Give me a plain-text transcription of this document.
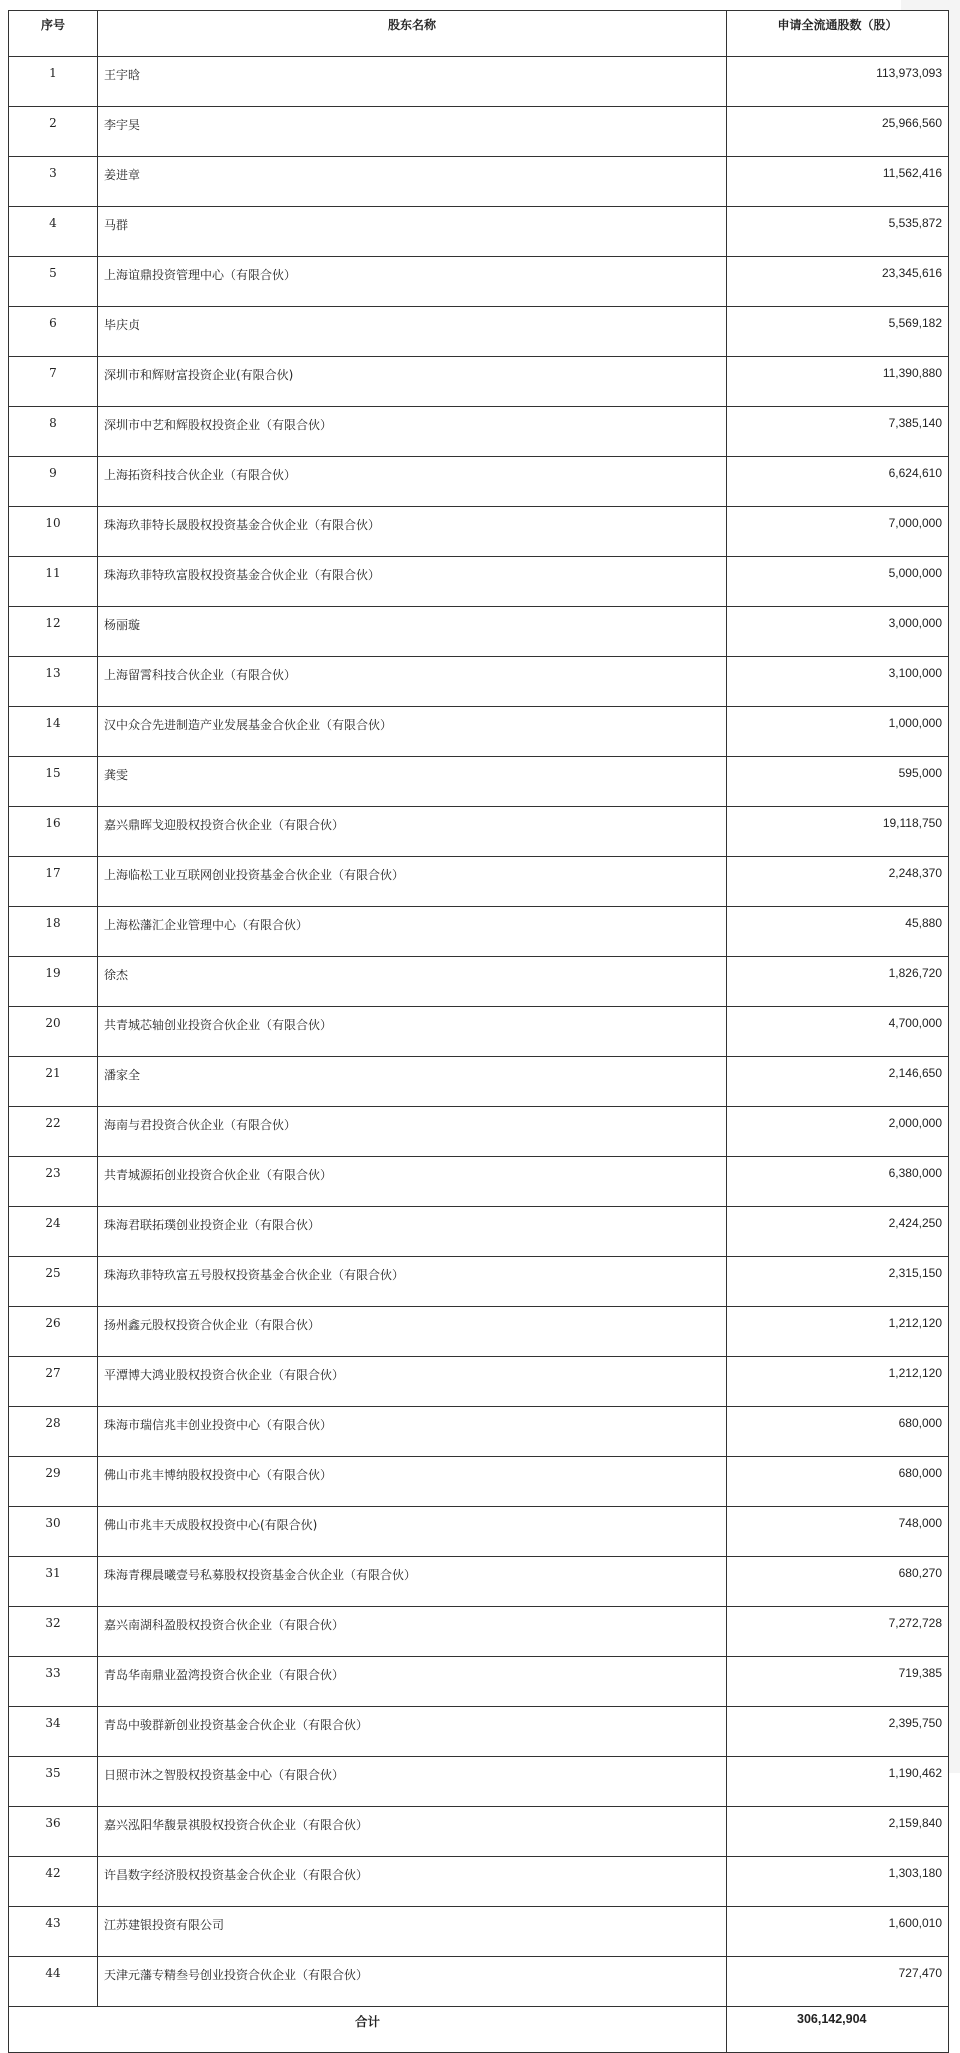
序号	股东名称	申请全流通股数（股）
1	王宇晗	113,973,093
2	李宇昊	25,966,560
3	姜进章	11,562,416
4	马群	5,535,872
5	上海谊鼎投资管理中心（有限合伙）	23,345,616
6	毕庆贞	5,569,182
7	深圳市和辉财富投资企业(有限合伙)	11,390,880
8	深圳市中艺和辉股权投资企业（有限合伙）	7,385,140
9	上海拓资科技合伙企业（有限合伙）	6,624,610
10	珠海玖菲特长晟股权投资基金合伙企业（有限合伙）	7,000,000
11	珠海玖菲特玖富股权投资基金合伙企业（有限合伙）	5,000,000
12	杨丽璇	3,000,000
13	上海留霄科技合伙企业（有限合伙）	3,100,000
14	汉中众合先进制造产业发展基金合伙企业（有限合伙）	1,000,000
15	龚雯	595,000
16	嘉兴鼎晖戈迎股权投资合伙企业（有限合伙）	19,118,750
17	上海临松工业互联网创业投资基金合伙企业（有限合伙）	2,248,370
18	上海松藩汇企业管理中心（有限合伙）	45,880
19	徐杰	1,826,720
20	共青城芯轴创业投资合伙企业（有限合伙）	4,700,000
21	潘家全	2,146,650
22	海南与君投资合伙企业（有限合伙）	2,000,000
23	共青城源拓创业投资合伙企业（有限合伙）	6,380,000
24	珠海君联拓璞创业投资企业（有限合伙）	2,424,250
25	珠海玖菲特玖富五号股权投资基金合伙企业（有限合伙）	2,315,150
26	扬州鑫元股权投资合伙企业（有限合伙）	1,212,120
27	平潭博大鸿业股权投资合伙企业（有限合伙）	1,212,120
28	珠海市瑞信兆丰创业投资中心（有限合伙）	680,000
29	佛山市兆丰博纳股权投资中心（有限合伙）	680,000
30	佛山市兆丰天成股权投资中心(有限合伙)	748,000
31	珠海青稞晨曦壹号私募股权投资基金合伙企业（有限合伙）	680,270
32	嘉兴南湖科盈股权投资合伙企业（有限合伙）	7,272,728
33	青岛华南鼎业盈湾投资合伙企业（有限合伙）	719,385
34	青岛中骏群新创业投资基金合伙企业（有限合伙）	2,395,750
35	日照市沐之智股权投资基金中心（有限合伙）	1,190,462
36	嘉兴泓阳华馥景祺股权投资合伙企业（有限合伙）	2,159,840
42	许昌数字经济股权投资基金合伙企业（有限合伙）	1,303,180
43	江苏建银投资有限公司	1,600,010
44	天津元藩专精叁号创业投资合伙企业（有限合伙）	727,470
合计		306,142,904
